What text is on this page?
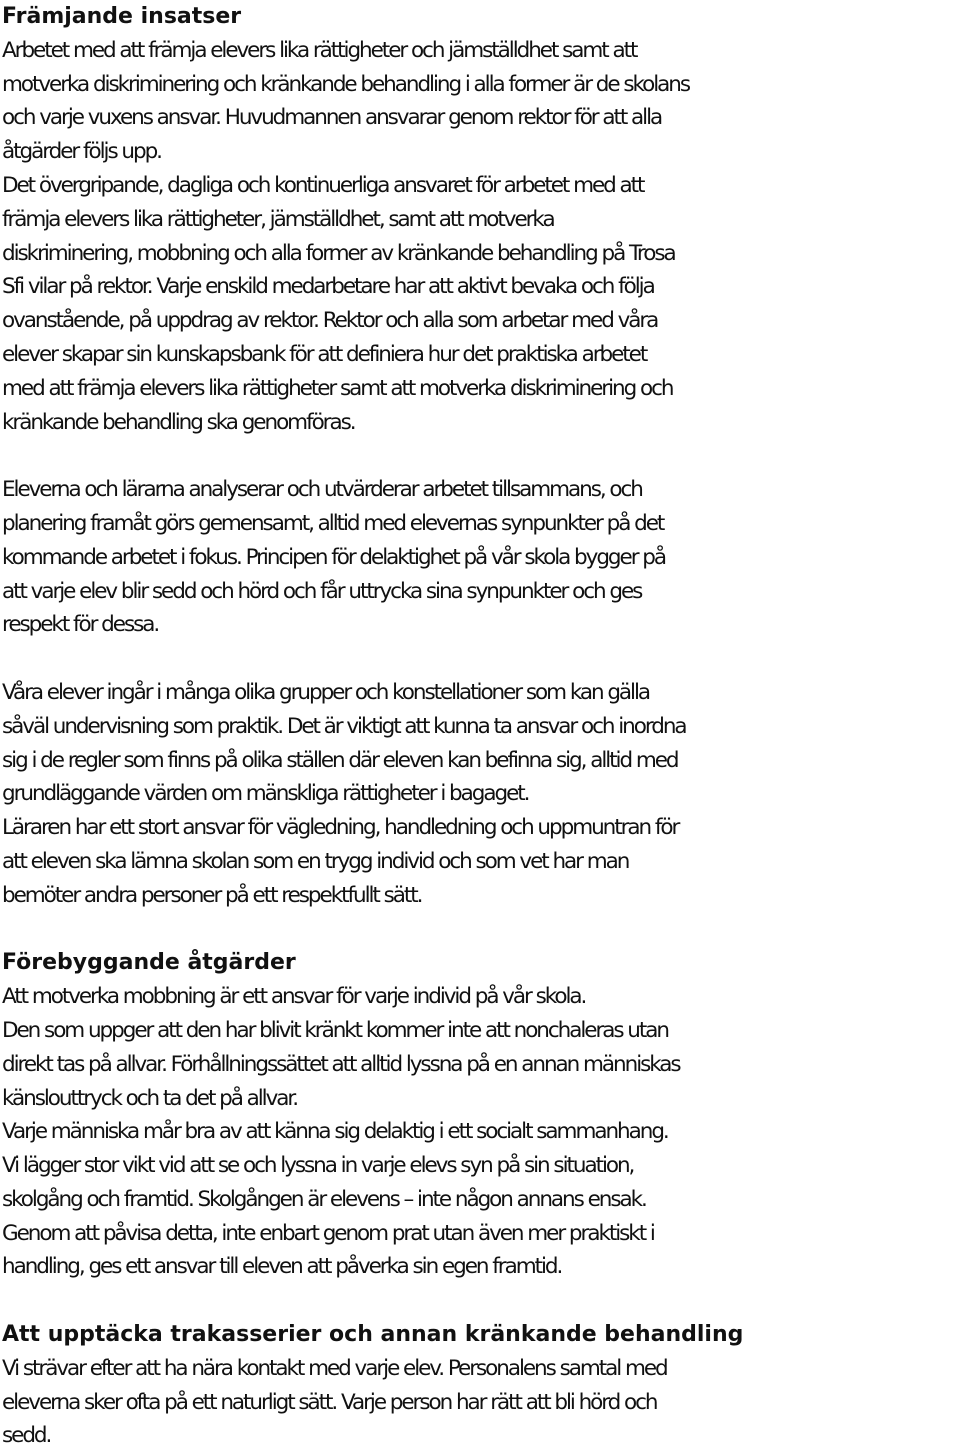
Främjande insatser

Arbetet med att främja elevers lika rättigheter och jämställdhet samt att
motverka diskriminering och kränkande behandling i alla former är de skolans
och varje vuxens ansvar. Huvudmannen ansvarar genom rektor för att alla
åtgärder följs upp.
Det övergripande, dagliga och kontinuerliga ansvaret för arbetet med att
främja elevers lika rättigheter, jämställdhet, samt att motverka
diskriminering, mobbning och alla former av kränkande behandling på Trosa
Sfi vilar på rektor. Varje enskild medarbetare har att aktivt bevaka och följa
ovanstående, på uppdrag av rektor. Rektor och alla som arbetar med våra
elever skapar sin kunskapsbank för att definiera hur det praktiska arbetet
med att främja elevers lika rättigheter samt att motverka diskriminering och
kränkande behandling ska genomföras.

Eleverna och lärarna analyserar och utvärderar arbetet tillsammans, och
planering framåt görs gemensamt, alltid med elevernas synpunkter på det
kommande arbetet i fokus. Principen för delaktighet på vår skola bygger på
att varje elev blir sedd och hörd och får uttrycka sina synpunkter och ges
respekt för dessa.

Våra elever ingår i många olika grupper och konstellationer som kan gälla
såväl undervisning som praktik. Det är viktigt att kunna ta ansvar och inordna
sig i de regler som finns på olika ställen där eleven kan befinna sig, alltid med
grundläggande värden om mänskliga rättigheter i bagaget.
Läraren har ett stort ansvar för vägledning, handledning och uppmuntran för
att eleven ska lämna skolan som en trygg individ och som vet har man
bemöter andra personer på ett respektfullt sätt.

Förebyggande åtgärder

Att motverka mobbning är ett ansvar för varje individ på vår skola.
Den som uppger att den har blivit kränkt kommer inte att nonchaleras utan
direkt tas på allvar. Förhållningssättet att alltid lyssna på en annan människas
känslouttryck och ta det på allvar.
Varje människa mår bra av att känna sig delaktig i ett socialt sammanhang.
Vi lägger stor vikt vid att se och lyssna in varje elevs syn på sin situation,
skolgång och framtid. Skolgången är elevens – inte någon annans ensak.
Genom att påvisa detta, inte enbart genom prat utan även mer praktiskt i
handling, ges ett ansvar till eleven att påverka sin egen framtid.

Att upptäcka trakasserier och annan kränkande behandling

Vi strävar efter att ha nära kontakt med varje elev. Personalens samtal med
eleverna sker ofta på ett naturligt sätt. Varje person har rätt att bli hörd och
sedd.
